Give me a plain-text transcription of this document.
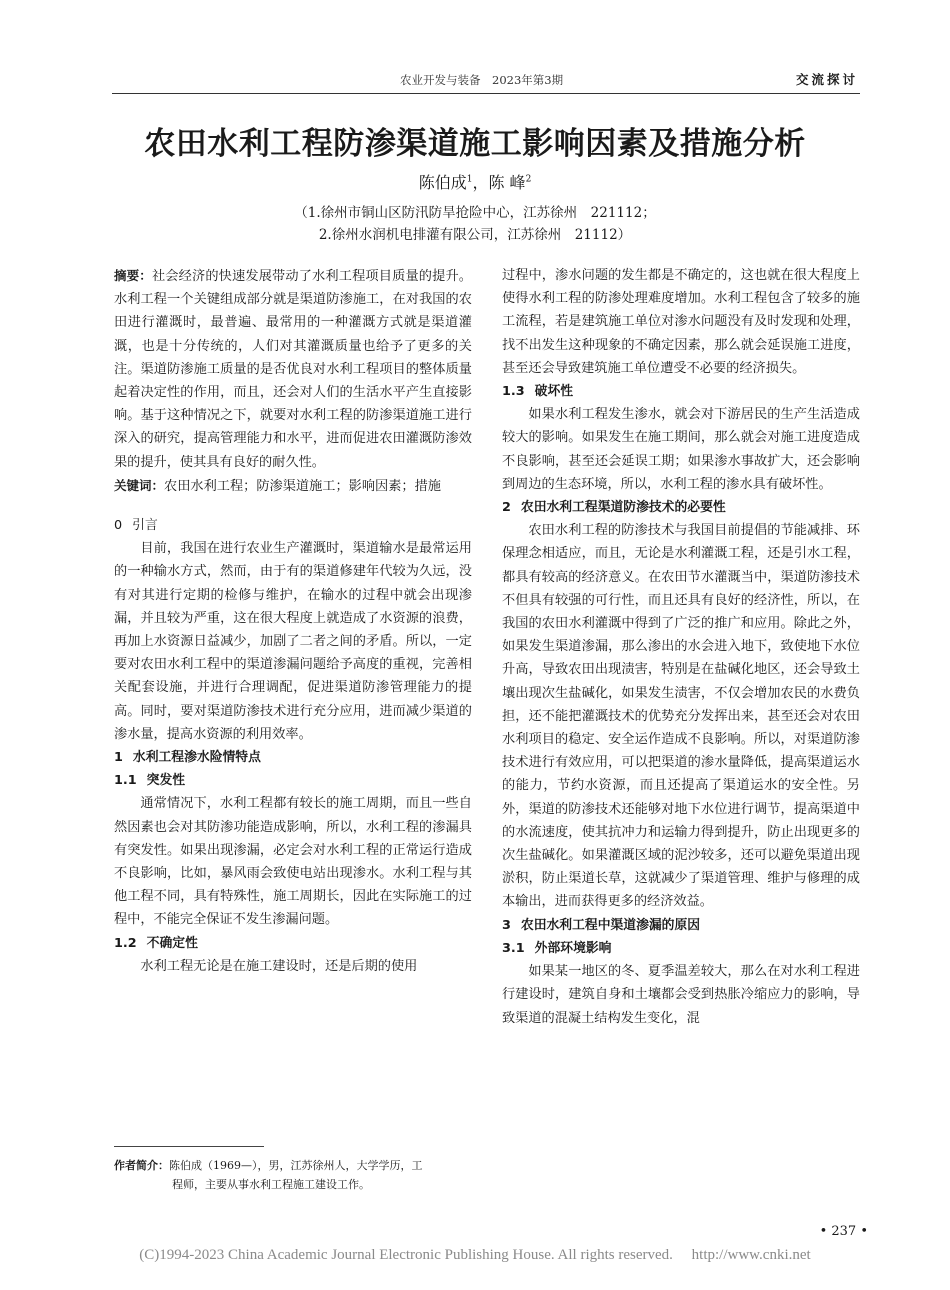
农业开发与装备　2023年第3期	交流探讨
农田水利工程防渗渠道施工影响因素及措施分析
陈伯成$^1$，陈 峰$^2$
（1.徐州市铜山区防汛防旱抢险中心，江苏徐州　221112；
2.徐州水润机电排灌有限公司，江苏徐州　21112）

摘要：社会经济的快速发展带动了水利工程项目质量的提升。水利工程一个关键组成部分就是渠道防渗施工，在对我国的农田进行灌溉时，最普遍、最常用的一种灌溉方式就是渠道灌溉，也是十分传统的，人们对其灌溉质量也给予了更多的关注。渠道防渗施工质量的是否优良对水利工程项目的整体质量起着决定性的作用，而且，还会对人们的生活水平产生直接影响。基于这种情况之下，就要对水利工程的防渗渠道施工进行深入的研究，提高管理能力和水平，进而促进农田灌溉防渗效果的提升，使其具有良好的耐久性。

关键词：农田水利工程；防渗渠道施工；影响因素；措施

0 引言

目前，我国在进行农业生产灌溉时，渠道输水是最常运用的一种输水方式，然而，由于有的渠道修建年代较为久远，没有对其进行定期的检修与维护，在输水的过程中就会出现渗漏，并且较为严重，这在很大程度上就造成了水资源的浪费，再加上水资源日益减少，加剧了二者之间的矛盾。所以，一定要对农田水利工程中的渠道渗漏问题给予高度的重视，完善相关配套设施，并进行合理调配，促进渠道防渗管理能力的提高。同时，要对渠道防渗技术进行充分应用，进而减少渠道的渗水量，提高水资源的利用效率。

1 水利工程渗水险情特点

1.1 突发性

通常情况下，水利工程都有较长的施工周期，而且一些自然因素也会对其防渗功能造成影响，所以，水利工程的渗漏具有突发性。如果出现渗漏，必定会对水利工程的正常运行造成不良影响，比如，暴风雨会致使电站出现渗水。水利工程与其他工程不同，具有特殊性，施工周期长，因此在实际施工的过程中，不能完全保证不发生渗漏问题。

1.2 不确定性

水利工程无论是在施工建设时，还是后期的使用

过程中，渗水问题的发生都是不确定的，这也就在很大程度上使得水利工程的防渗处理难度增加。水利工程包含了较多的施工流程，若是建筑施工单位对渗水问题没有及时发现和处理，找不出发生这种现象的不确定因素，那么就会延误施工进度，甚至还会导致建筑施工单位遭受不必要的经济损失。

1.3 破坏性

如果水利工程发生渗水，就会对下游居民的生产生活造成较大的影响。如果发生在施工期间，那么就会对施工进度造成不良影响，甚至还会延误工期；如果渗水事故扩大，还会影响到周边的生态环境，所以，水利工程的渗水具有破坏性。

2 农田水利工程渠道防渗技术的必要性

农田水利工程的防渗技术与我国目前提倡的节能减排、环保理念相适应，而且，无论是水利灌溉工程，还是引水工程，都具有较高的经济意义。在农田节水灌溉当中，渠道防渗技术不但具有较强的可行性，而且还具有良好的经济性，所以，在我国的农田水利灌溉中得到了广泛的推广和应用。除此之外，如果发生渠道渗漏，那么渗出的水会进入地下，致使地下水位升高，导致农田出现渍害，特别是在盐碱化地区，还会导致土壤出现次生盐碱化，如果发生渍害，不仅会增加农民的水费负担，还不能把灌溉技术的优势充分发挥出来，甚至还会对农田水利项目的稳定、安全运作造成不良影响。所以，对渠道防渗技术进行有效应用，可以把渠道的渗水量降低，提高渠道运水的能力，节约水资源，而且还提高了渠道运水的安全性。另外，渠道的防渗技术还能够对地下水位进行调节，提高渠道中的水流速度，使其抗冲力和运输力得到提升，防止出现更多的次生盐碱化。如果灌溉区域的泥沙较多，还可以避免渠道出现淤积，防止渠道长草，这就减少了渠道管理、维护与修理的成本输出，进而获得更多的经济效益。

3 农田水利工程中渠道渗漏的原因

3.1 外部环境影响

如果某一地区的冬、夏季温差较大，那么在对水利工程进行建设时，建筑自身和土壤都会受到热胀冷缩应力的影响，导致渠道的混凝土结构发生变化，混

作者简介：陈伯成（1969—），男，江苏徐州人，大学学历，工
程师，主要从事水利工程施工建设工作。
• 237 •
(C)1994-2023 China Academic Journal Electronic Publishing House. All rights reserved.　 http://www.cnki.net
